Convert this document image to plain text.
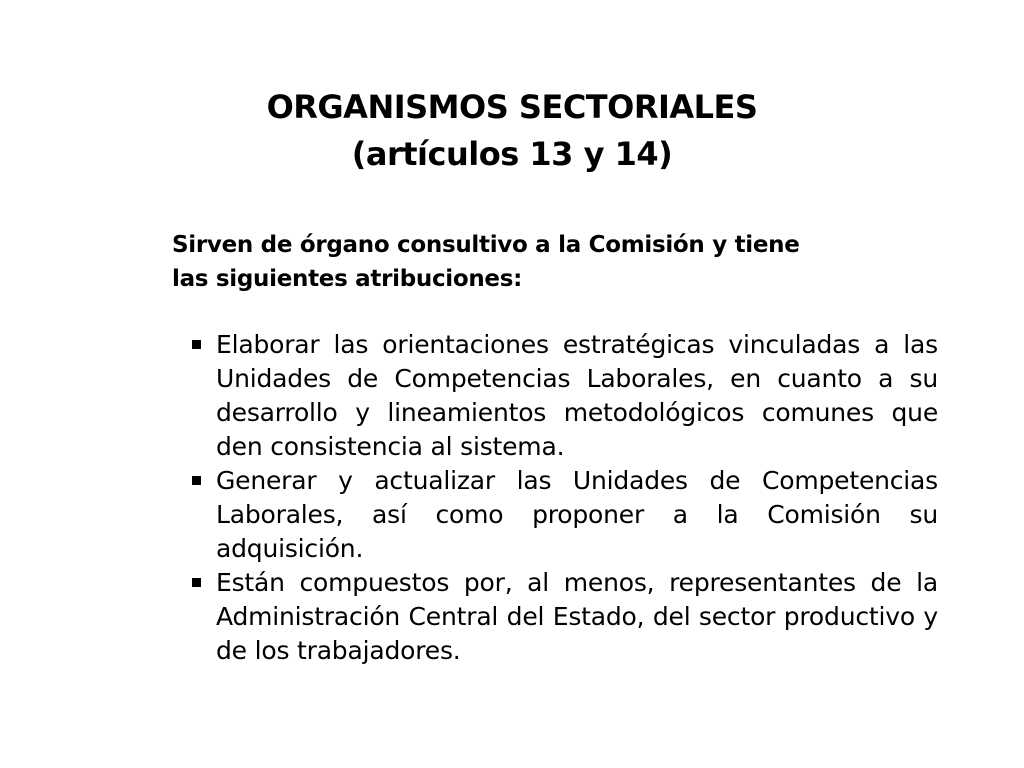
ORGANISMOS SECTORIALES
(artículos 13 y 14)
Sirven de órgano consultivo a la Comisión y tiene
las siguientes atribuciones:
Elaborar las orientaciones estratégicas vinculadas a las Unidades de Competencias Laborales, en cuanto a su desarrollo y lineamientos metodológicos comunes que den consistencia al sistema.
Generar y actualizar las Unidades de Competencias Laborales, así como proponer a la Comisión su adquisición.
Están compuestos por, al menos, representantes de la Administración Central del Estado, del sector productivo y de los trabajadores.
